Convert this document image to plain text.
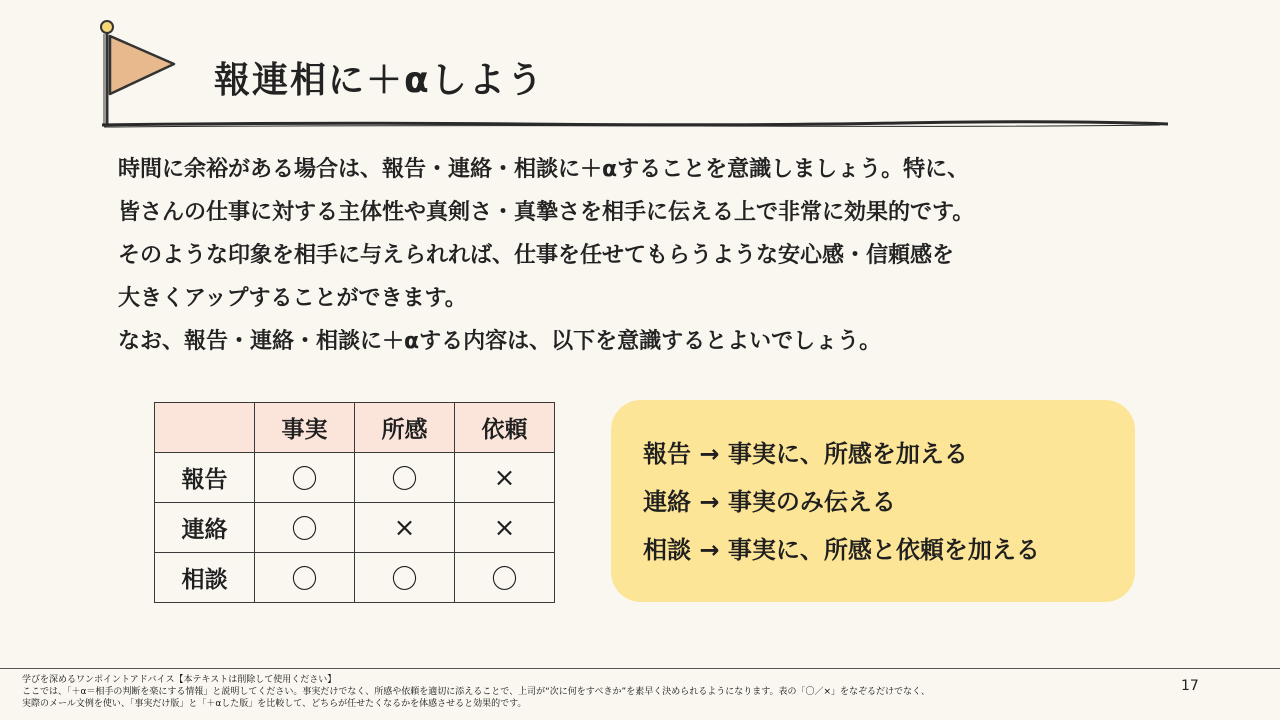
報連相に＋αしよう

時間に余裕がある場合は、報告・連絡・相談に＋αすることを意識しましょう。特に、

皆さんの仕事に対する主体性や真剣さ・真摯さを相手に伝える上で非常に効果的です。

そのような印象を相手に与えられれば、仕事を任せてもらうような安心感・信頼感を

大きくアップすることができます。

なお、報告・連絡・相談に＋αする内容は、以下を意識するとよいでしょう。

	事実	所感	依頼
報告	〇	〇	×
連絡	〇	×	×
相談	〇	〇	〇
報告 → 事実に、所感を加える
連絡 → 事実のみ伝える
相談 → 事実に、所感と依頼を加える
学びを深めるワンポイントアドバイス【本テキストは削除して使用ください】
ここでは、「＋α＝相手の判断を楽にする情報」と説明してください。事実だけでなく、所感や依頼を適切に添えることで、上司が“次に何をすべきか”を素早く決められるようになります。表の「〇／×」をなぞるだけでなく、
実際のメール文例を使い、「事実だけ版」と「＋αした版」を比較して、どちらが任せたくなるかを体感させると効果的です。
17
